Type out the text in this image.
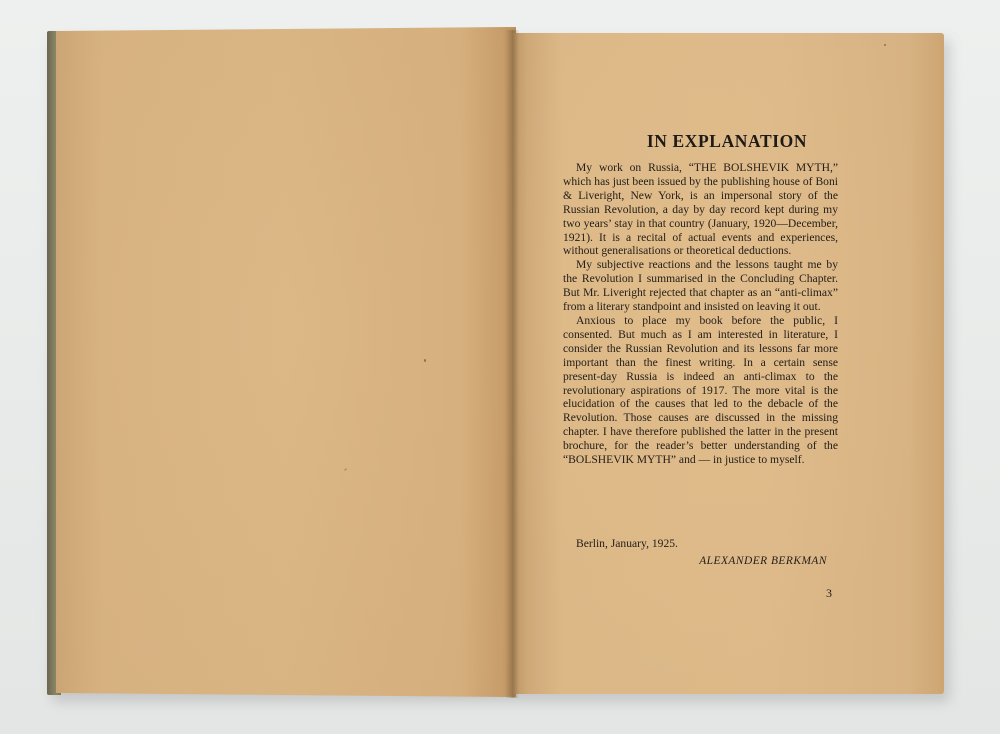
IN EXPLANATION

My work on Russia, “THE BOLSHEVIK MYTH,” which has just been issued by the publishing house of Boni & Liveright, New York, is an impersonal story of the Russian Revolution, a day by day record kept during my two years’ stay in that country (January, 1920—December, 1921). It is a recital of actual events and experiences, without generalisations or theoretical deductions.

My subjective reactions and the lessons taught me by the Revolution I summarised in the Concluding Chapter. But Mr. Liveright rejected that chapter as an “anti-climax” from a literary standpoint and insisted on leaving it out.

Anxious to place my book before the public, I consented. But much as I am interested in literature, I consider the Russian Revolution and its lessons far more important than the finest writing. In a certain sense present-day Russia is indeed an anti-climax to the revolutionary aspirations of 1917. The more vital is the elucidation of the causes that led to the debacle of the Revolution. Those causes are discussed in the missing chapter. I have therefore published the latter in the present brochure, for the reader’s better understanding of the “BOLSHEVIK MYTH” and — in justice to myself.

Berlin, January, 1925.
ALEXANDER BERKMAN
3
